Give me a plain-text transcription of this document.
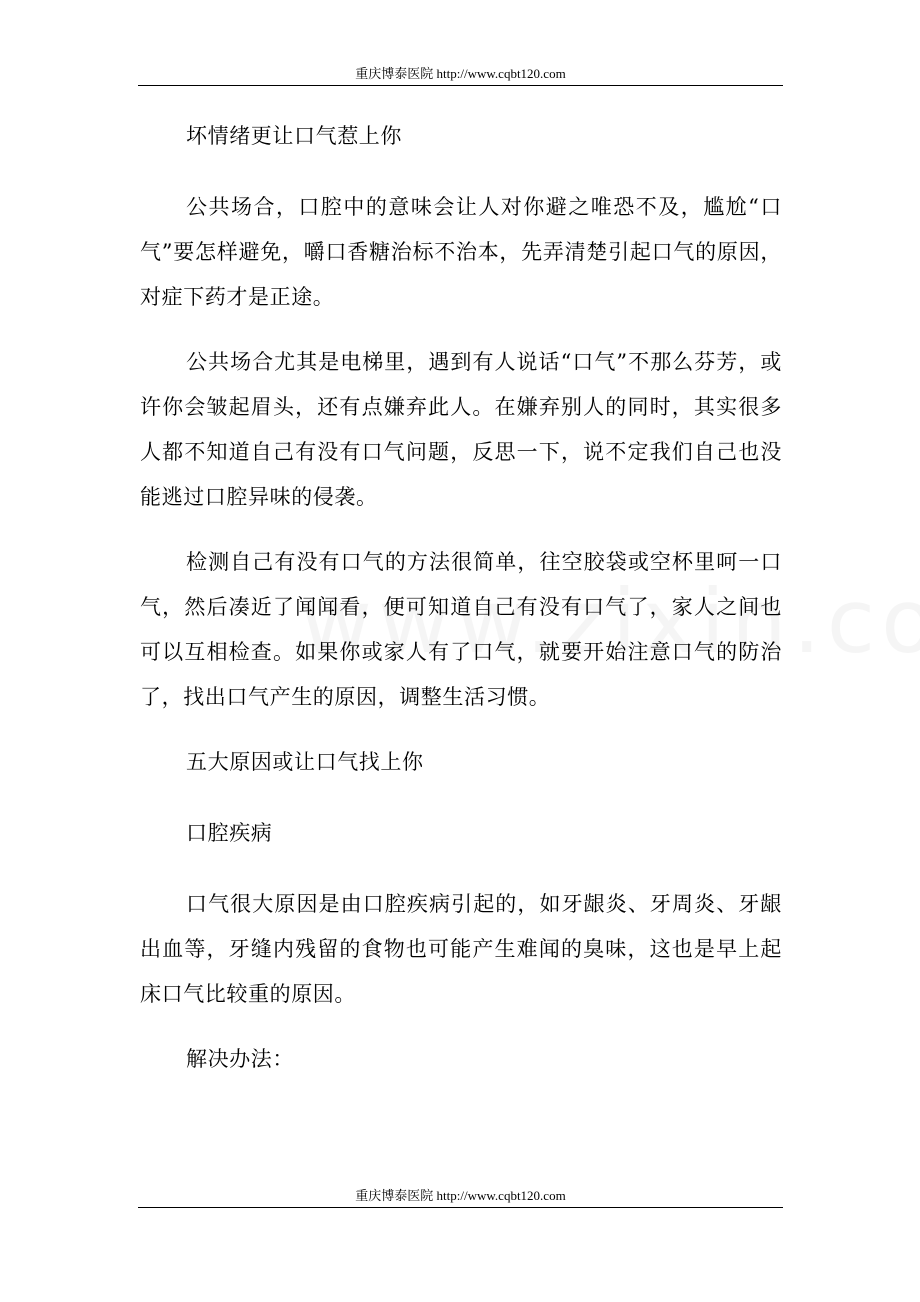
重庆博泰医院 http://www.cqbt120.com

坏情绪更让口气惹上你

公共场合，口腔中的意味会让人对你避之唯恐不及，尴尬“口气”要怎样避免，嚼口香糖治标不治本，先弄清楚引起口气的原因，对症下药才是正途。

公共场合尤其是电梯里，遇到有人说话“口气”不那么芬芳，或许你会皱起眉头，还有点嫌弃此人。在嫌弃别人的同时，其实很多人都不知道自己有没有口气问题，反思一下，说不定我们自己也没能逃过口腔异味的侵袭。

检测自己有没有口气的方法很简单，往空胶袋或空杯里呵一口气，然后凑近了闻闻看，便可知道自己有没有口气了，家人之间也可以互相检查。如果你或家人有了口气，就要开始注意口气的防治了，找出口气产生的原因，调整生活习惯。

五大原因或让口气找上你

口腔疾病

口气很大原因是由口腔疾病引起的，如牙龈炎、牙周炎、牙龈出血等，牙缝内残留的食物也可能产生难闻的臭味，这也是早上起床口气比较重的原因。

解决办法：

重庆博泰医院 http://www.cqbt120.com
